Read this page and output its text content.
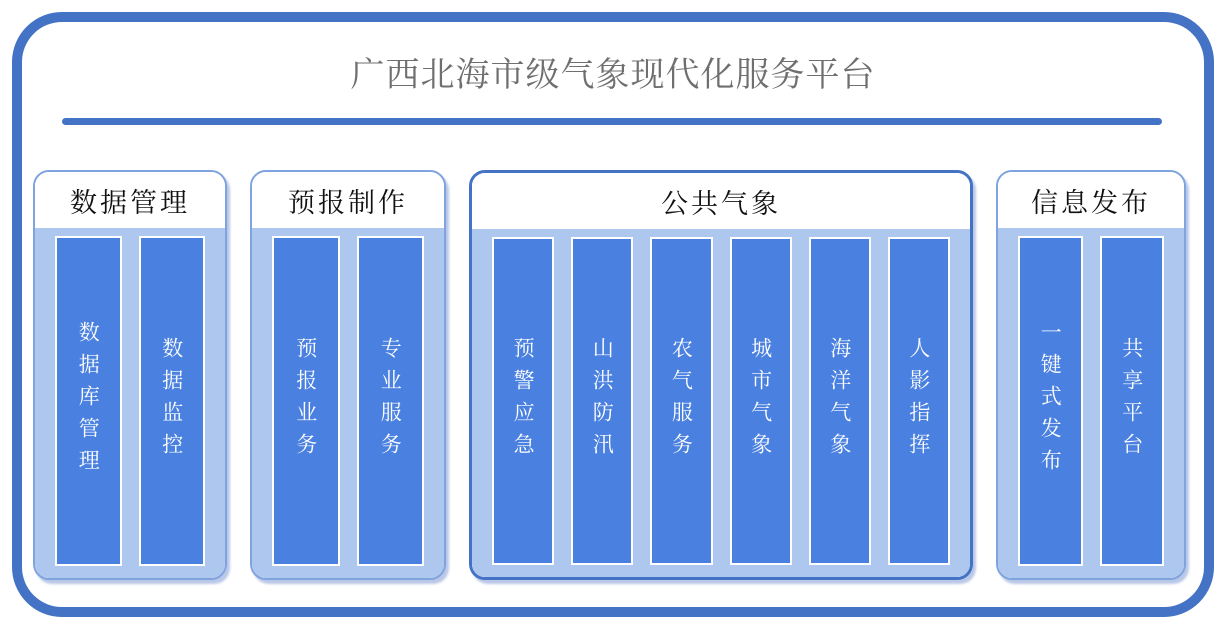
广西北海市级气象现代化服务平台
数据管理
数据库管理	数据监控
预报制作
预报业务	专业服务
公共气象
预警应急	山洪防汛	农气服务	城市气象	海洋气象	人影指挥
信息发布
一键式发布	共享平台
